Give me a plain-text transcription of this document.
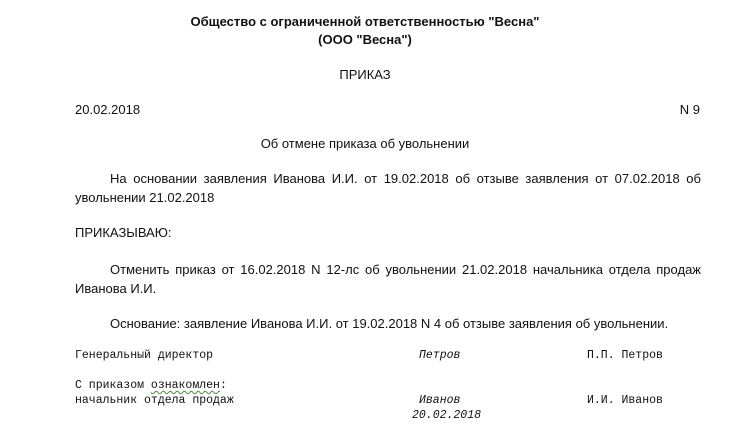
Общество с ограниченной ответственностью "Весна"
(ООО "Весна")
ПРИКАЗ
20.02.2018	N 9
Об отмене приказа об увольнении
На основании заявления Иванова И.И. от 19.02.2018 об отзыве заявления от 07.02.2018 об увольнении 21.02.2018
ПРИКАЗЫВАЮ:
Отменить приказ от 16.02.2018 N 12-лс об увольнении 21.02.2018 начальника отдела продаж Иванова И.И.
Основание: заявление Иванова И.И. от 19.02.2018 N 4 об отзыве заявления об увольнении.
Генеральный директор	Петров	П.П. Петров
С приказом ознакомлен:
начальник отдела продаж	Иванов	И.И. Иванов
20.02.2018
